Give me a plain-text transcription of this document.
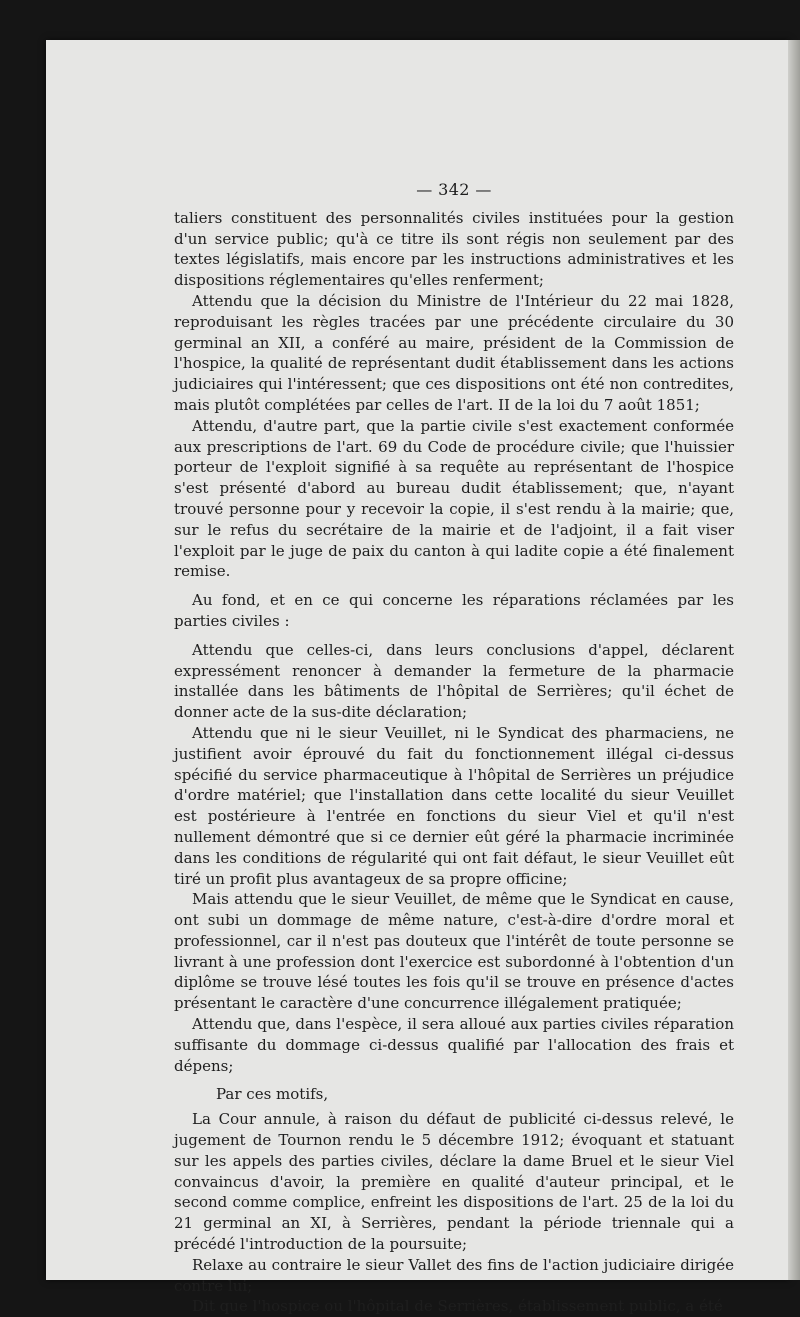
— 342 —

taliers constituent des personnalités civiles instituées pour la gestion d'un service public; qu'à ce titre ils sont régis non seulement par des textes législatifs, mais encore par les instructions administratives et les dispositions réglementaires qu'elles renferment;

Attendu que la décision du Ministre de l'Intérieur du 22 mai 1828, reproduisant les règles tracées par une précédente circulaire du 30 germinal an XII, a conféré au maire, président de la Commission de l'hospice, la qualité de représentant dudit établissement dans les actions judiciaires qui l'intéressent; que ces dispositions ont été non contredites, mais plutôt complétées par celles de l'art. II de la loi du 7 août 1851;

Attendu, d'autre part, que la partie civile s'est exactement conformée aux prescriptions de l'art. 69 du Code de procédure civile; que l'huissier porteur de l'exploit signifié à sa requête au représentant de l'hospice s'est présenté d'abord au bureau dudit établissement; que, n'ayant trouvé personne pour y recevoir la copie, il s'est rendu à la mairie; que, sur le refus du secrétaire de la mairie et de l'adjoint, il a fait viser l'exploit par le juge de paix du canton à qui ladite copie a été finalement remise.

Au fond, et en ce qui concerne les réparations réclamées par les parties civiles :

Attendu que celles-ci, dans leurs conclusions d'appel, déclarent expressément renoncer à demander la fermeture de la pharmacie installée dans les bâtiments de l'hôpital de Serrières; qu'il échet de donner acte de la sus-dite déclaration;

Attendu que ni le sieur Veuillet, ni le Syndicat des pharmaciens, ne justifient avoir éprouvé du fait du fonctionnement illégal ci-dessus spécifié du service pharmaceutique à l'hôpital de Serrières un préjudice d'ordre matériel; que l'installation dans cette localité du sieur Veuillet est postérieure à l'entrée en fonctions du sieur Viel et qu'il n'est nullement démontré que si ce dernier eût géré la pharmacie incriminée dans les conditions de régularité qui ont fait défaut, le sieur Veuillet eût tiré un profit plus avantageux de sa propre officine;

Mais attendu que le sieur Veuillet, de même que le Syndicat en cause, ont subi un dommage de même nature, c'est-à-dire d'ordre moral et professionnel, car il n'est pas douteux que l'intérêt de toute personne se livrant à une profession dont l'exercice est subordonné à l'obtention d'un diplôme se trouve lésé toutes les fois qu'il se trouve en présence d'actes présentant le caractère d'une concurrence illégalement pratiquée;

Attendu que, dans l'espèce, il sera alloué aux parties civiles réparation suffisante du dommage ci-dessus qualifié par l'allocation des frais et dépens;

Par ces motifs,

La Cour annule, à raison du défaut de publicité ci-dessus relevé, le jugement de Tournon rendu le 5 décembre 1912; évoquant et statuant sur les appels des parties civiles, déclare la dame Bruel et le sieur Viel convaincus d'avoir, la première en qualité d'auteur principal, et le second comme complice, enfreint les dispositions de l'art. 25 de la loi du 21 germinal an XI, à Serrières, pendant la période triennale qui a précédé l'introduction de la poursuite;

Relaxe au contraire le sieur Vallet des fins de l'action judiciaire dirigée contre lui;

Dit que l'hospice ou l'hôpital de Serrières, établissement public, a été
